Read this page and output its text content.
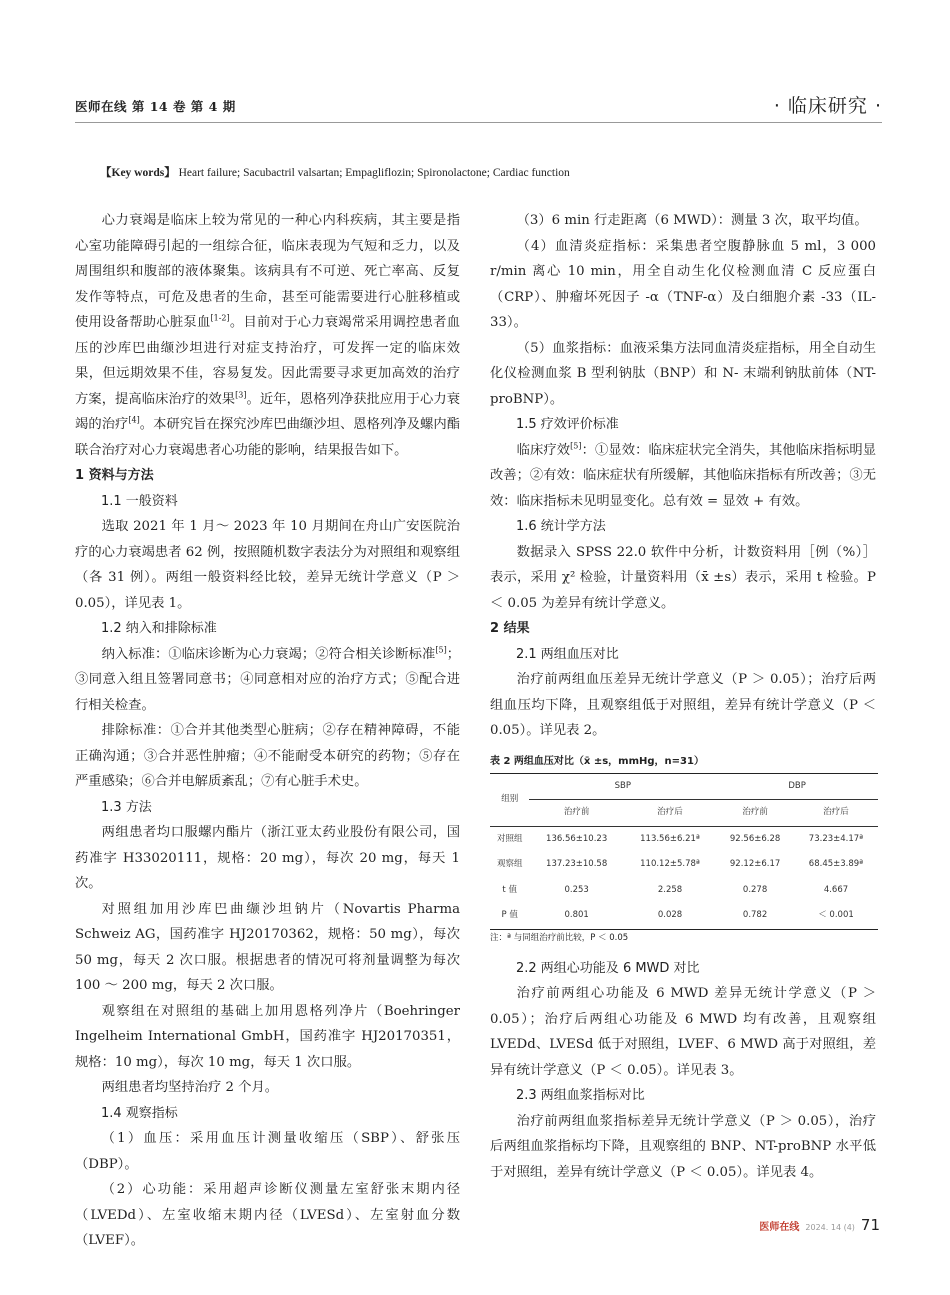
医师在线 第 14 卷 第 4 期	· 临床研究 ·
【Key words】 Heart failure; Sacubactril valsartan; Empagliflozin; Spironolactone; Cardiac function

心力衰竭是临床上较为常见的一种心内科疾病，其主要是指心室功能障碍引起的一组综合征，临床表现为气短和乏力，以及周围组织和腹部的液体聚集。该病具有不可逆、死亡率高、反复发作等特点，可危及患者的生命，甚至可能需要进行心脏移植或使用设备帮助心脏泵血[1-2]。目前对于心力衰竭常采用调控患者血压的沙库巴曲缬沙坦进行对症支持治疗，可发挥一定的临床效果，但远期效果不佳，容易复发。因此需要寻求更加高效的治疗方案，提高临床治疗的效果[3]。近年，恩格列净获批应用于心力衰竭的治疗[4]。本研究旨在探究沙库巴曲缬沙坦、恩格列净及螺内酯联合治疗对心力衰竭患者心功能的影响，结果报告如下。

1 资料与方法

1.1 一般资料

选取 2021 年 1 月～ 2023 年 10 月期间在舟山广安医院治疗的心力衰竭患者 62 例，按照随机数字表法分为对照组和观察组（各 31 例）。两组一般资料经比较，差异无统计学意义（P ＞ 0.05），详见表 1。

1.2 纳入和排除标准

纳入标准：①临床诊断为心力衰竭；②符合相关诊断标准[5]；③同意入组且签署同意书；④同意相对应的治疗方式；⑤配合进行相关检查。

排除标准：①合并其他类型心脏病；②存在精神障碍，不能正确沟通；③合并恶性肿瘤；④不能耐受本研究的药物；⑤存在严重感染；⑥合并电解质紊乱；⑦有心脏手术史。

1.3 方法

两组患者均口服螺内酯片（浙江亚太药业股份有限公司，国药准字 H33020111，规格：20 mg），每次 20 mg，每天 1 次。

对照组加用沙库巴曲缬沙坦钠片（Novartis Pharma Schweiz AG，国药准字 HJ20170362，规格：50 mg），每次 50 mg，每天 2 次口服。根据患者的情况可将剂量调整为每次 100 ～ 200 mg，每天 2 次口服。

观察组在对照组的基础上加用恩格列净片（Boehringer Ingelheim International GmbH，国药准字 HJ20170351，规格：10 mg），每次 10 mg，每天 1 次口服。

两组患者均坚持治疗 2 个月。

1.4 观察指标

（1）血压：采用血压计测量收缩压（SBP）、舒张压（DBP）。

（2）心功能：采用超声诊断仪测量左室舒张末期内径（LVEDd）、左室收缩末期内径（LVESd）、左室射血分数（LVEF）。

（3）6 min 行走距离（6 MWD）：测量 3 次，取平均值。

（4）血清炎症指标：采集患者空腹静脉血 5 ml，3 000 r/min 离心 10 min，用全自动生化仪检测血清 C 反应蛋白（CRP）、肿瘤坏死因子 -α（TNF-α）及白细胞介素 -33（IL-33）。

（5）血浆指标：血液采集方法同血清炎症指标，用全自动生化仪检测血浆 B 型利钠肽（BNP）和 N- 末端利钠肽前体（NT-proBNP）。

1.5 疗效评价标准

临床疗效[5]：①显效：临床症状完全消失，其他临床指标明显改善；②有效：临床症状有所缓解，其他临床指标有所改善；③无效：临床指标未见明显变化。总有效 = 显效 + 有效。

1.6 统计学方法

数据录入 SPSS 22.0 软件中分析，计数资料用［例（%）］表示，采用 χ² 检验，计量资料用（x̄ ±s）表示，采用 t 检验。P ＜ 0.05 为差异有统计学意义。

2 结果

2.1 两组血压对比

治疗前两组血压差异无统计学意义（P ＞ 0.05）；治疗后两组血压均下降，且观察组低于对照组，差异有统计学意义（P ＜ 0.05）。详见表 2。

表 2 两组血压对比（x̄ ±s，mmHg，n=31）
组别	SBP		DBP	
	治疗前	治疗后	治疗前	治疗后
对照组	136.56±10.23	113.56±6.21ª	92.56±6.28	73.23±4.17ª
观察组	137.23±10.58	110.12±5.78ª	92.12±6.17	68.45±3.89ª
t 值	0.253	2.258	0.278	4.667
P 值	0.801	0.028	0.782	＜ 0.001
注：ª 与同组治疗前比较，P ＜ 0.05

2.2 两组心功能及 6 MWD 对比

治疗前两组心功能及 6 MWD 差异无统计学意义（P ＞ 0.05）；治疗后两组心功能及 6 MWD 均有改善，且观察组 LVEDd、LVESd 低于对照组，LVEF、6 MWD 高于对照组，差异有统计学意义（P ＜ 0.05）。详见表 3。

2.3 两组血浆指标对比

治疗前两组血浆指标差异无统计学意义（P ＞ 0.05），治疗后两组血浆指标均下降，且观察组的 BNP、NT-proBNP 水平低于对照组，差异有统计学意义（P ＜ 0.05）。详见表 4。

医师在线 2024. 14 (4) 71
